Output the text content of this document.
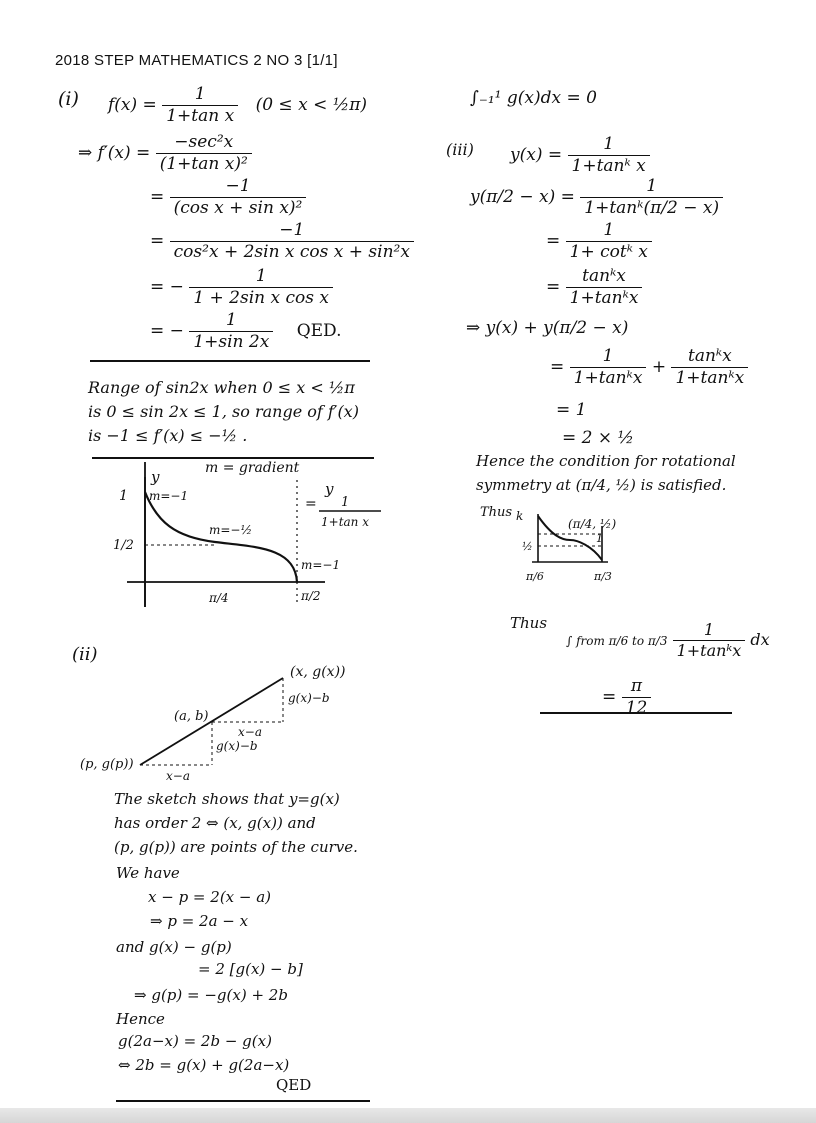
2018 STEP MATHEMATICS 2 NO 3 [1/1]
(i) $f(x) = \frac{1}{\text{1+tan x}} (0 \le x$ < ½π)
⇒ $f'(x) = \frac{\text{−sec²x}}{\text{(1+tan x)²}}$
= $\frac{-1}{\text{(cos x + sin x)²}}$
= $\frac{-1}{\text{cos²x + 2sin x cos x + sin²x}}$
= − $\frac{1}{\text{1 + 2sin x cos x}}$
= − $\frac{1}{1+\sin 2x}$ QED.
Range of sin2x when 0 ≤ x < ½π
is 0 ≤ sin 2x ≤ 1, so range of f′(x)
is −1 ≤ f′(x) ≤ −½ .
m = gradient
y
1
1/2
m=−1
m=−½
m=−1
π/4	π/2
=
y
1
1+tan x
(ii)
(x, g(x))
(a, b)
(p, g(p))
g(x)−b
x−a
g(x)−b
x−a
The sketch shows that y=g(x)
has order 2 ⇔ (x, g(x)) and
(p, g(p)) are points of the curve.
We have
x − p = 2(x − a)
⇒ p = 2a − x
and g(x) − g(p)
= 2 [g(x) − b]
⇒ g(p) = −g(x) + 2b
Hence
g(2a−x) = 2b − g(x)
⇔ 2b = g(x) + g(2a−x)
QED
∫₋₁¹ g(x)dx = 0
(iii) $y(x) = \frac{1}{\text{1+tanᵏ x}}$
$y(\pi/2 - x) = \frac{1}{\text{1+tanᵏ(π/2 − x)}}$
= $\frac{1}{\text{1+ cotᵏ x}}$
= $\frac{\text{tanᵏx}}{\text{1+tanᵏx}}$
⇒ y(x) + y(π/2 − x)
= $\frac{1}{\text{1+tanᵏx}} + \frac{\text{tanᵏx}}{\text{1+tanᵏx}}$
= 1
= 2 × ½
Hence the condition for rotational
symmetry at (π/4, ½) is satisfied.
Thus k
(π/4, ½)
½
1
π/6	π/3
Thus
∫ from π/6 to $\pi/3 \frac{1}{\text{1+tanᵏx}}$ dx
= $\frac{\pi}{12}$
